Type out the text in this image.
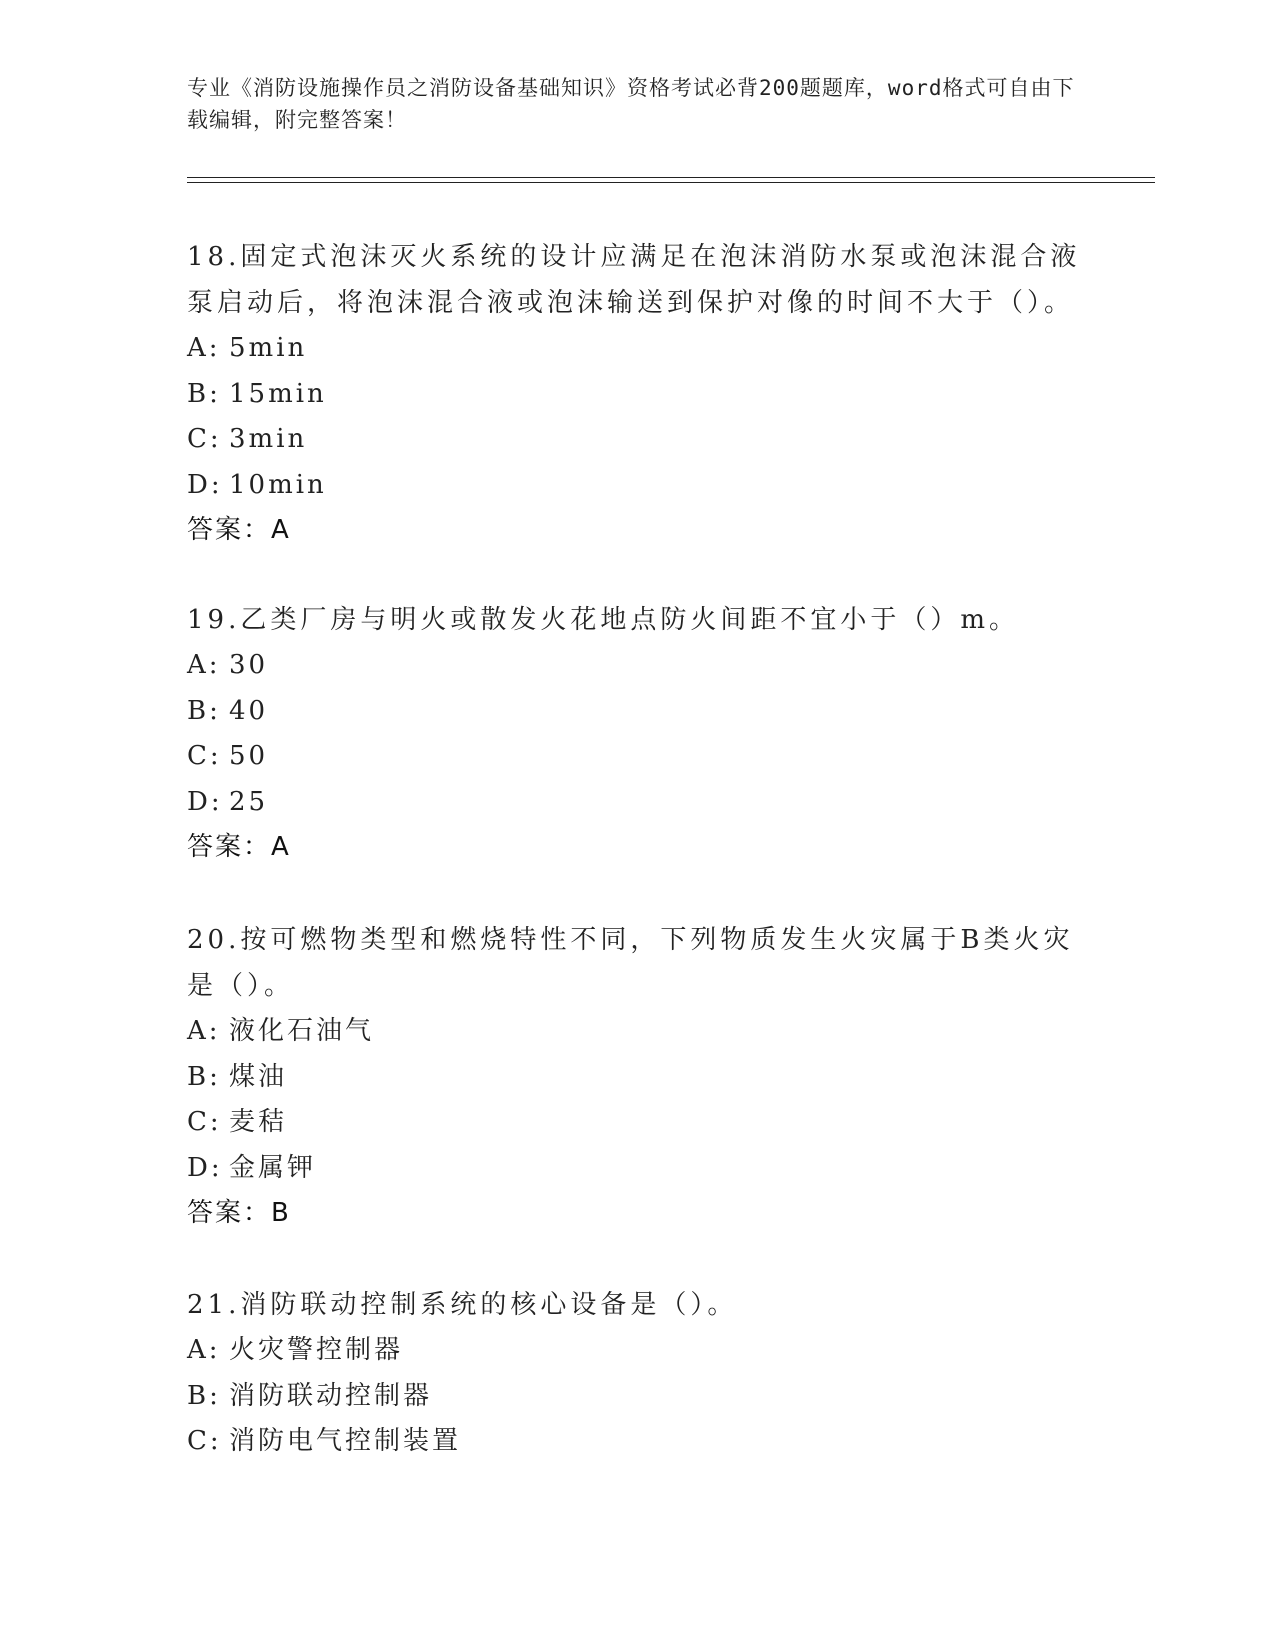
专业《消防设施操作员之消防设备基础知识》资格考试必背200题题库，word格式可自由下载编辑，附完整答案！
18.固定式泡沫灭火系统的设计应满足在泡沫消防水泵或泡沫混合液泵启动后，将泡沫混合液或泡沫输送到保护对像的时间不大于（）。
A: 5min
B: 15min
C: 3min
D: 10min
答案：A
19.乙类厂房与明火或散发火花地点防火间距不宜小于（）m。
A: 30
B: 40
C: 50
D: 25
答案：A
20.按可燃物类型和燃烧特性不同，下列物质发生火灾属于B类火灾是（）。
A: 液化石油气
B: 煤油
C: 麦秸
D: 金属钾
答案：B
21.消防联动控制系统的核心设备是（）。
A: 火灾警控制器
B: 消防联动控制器
C: 消防电气控制装置
